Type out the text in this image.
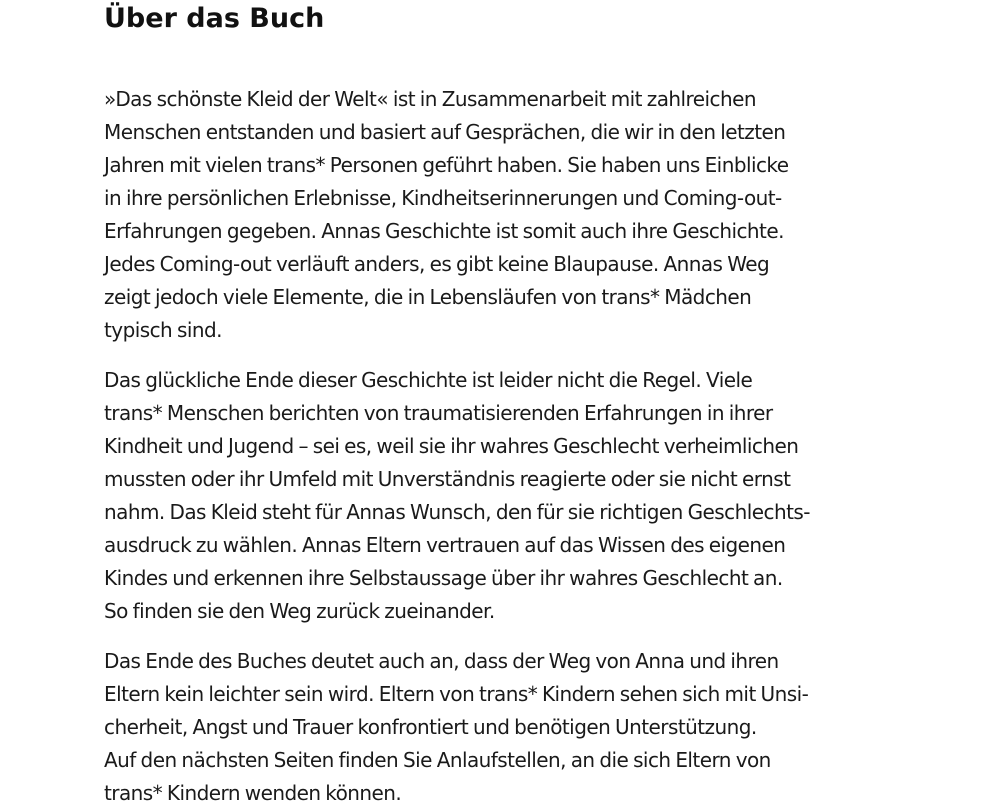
Über das Buch

»Das schönste Kleid der Welt« ist in Zusammenarbeit mit zahlreichen
Menschen entstanden und basiert auf Gesprächen, die wir in den letzten
Jahren mit vielen trans* Personen geführt haben. Sie haben uns Einblicke
in ihre persönlichen Erlebnisse, Kindheitserinnerungen und Coming-out-
Erfahrungen gegeben. Annas Geschichte ist somit auch ihre Geschichte.
Jedes Coming-out verläuft anders, es gibt keine Blaupause. Annas Weg
zeigt jedoch viele Elemente, die in Lebensläufen von trans* Mädchen
typisch sind.

Das glückliche Ende dieser Geschichte ist leider nicht die Regel. Viele
trans* Menschen berichten von traumatisierenden Erfahrungen in ihrer
Kindheit und Jugend – sei es, weil sie ihr wahres Geschlecht verheimlichen
mussten oder ihr Umfeld mit Unverständnis reagierte oder sie nicht ernst
nahm. Das Kleid steht für Annas Wunsch, den für sie richtigen Geschlechts-
ausdruck zu wählen. Annas Eltern vertrauen auf das Wissen des eigenen
Kindes und erkennen ihre Selbstaussage über ihr wahres Geschlecht an.
So finden sie den Weg zurück zueinander.

Das Ende des Buches deutet auch an, dass der Weg von Anna und ihren
Eltern kein leichter sein wird. Eltern von trans* Kindern sehen sich mit Unsi-
cherheit, Angst und Trauer konfrontiert und benötigen Unterstützung.
Auf den nächsten Seiten finden Sie Anlaufstellen, an die sich Eltern von
trans* Kindern wenden können.
